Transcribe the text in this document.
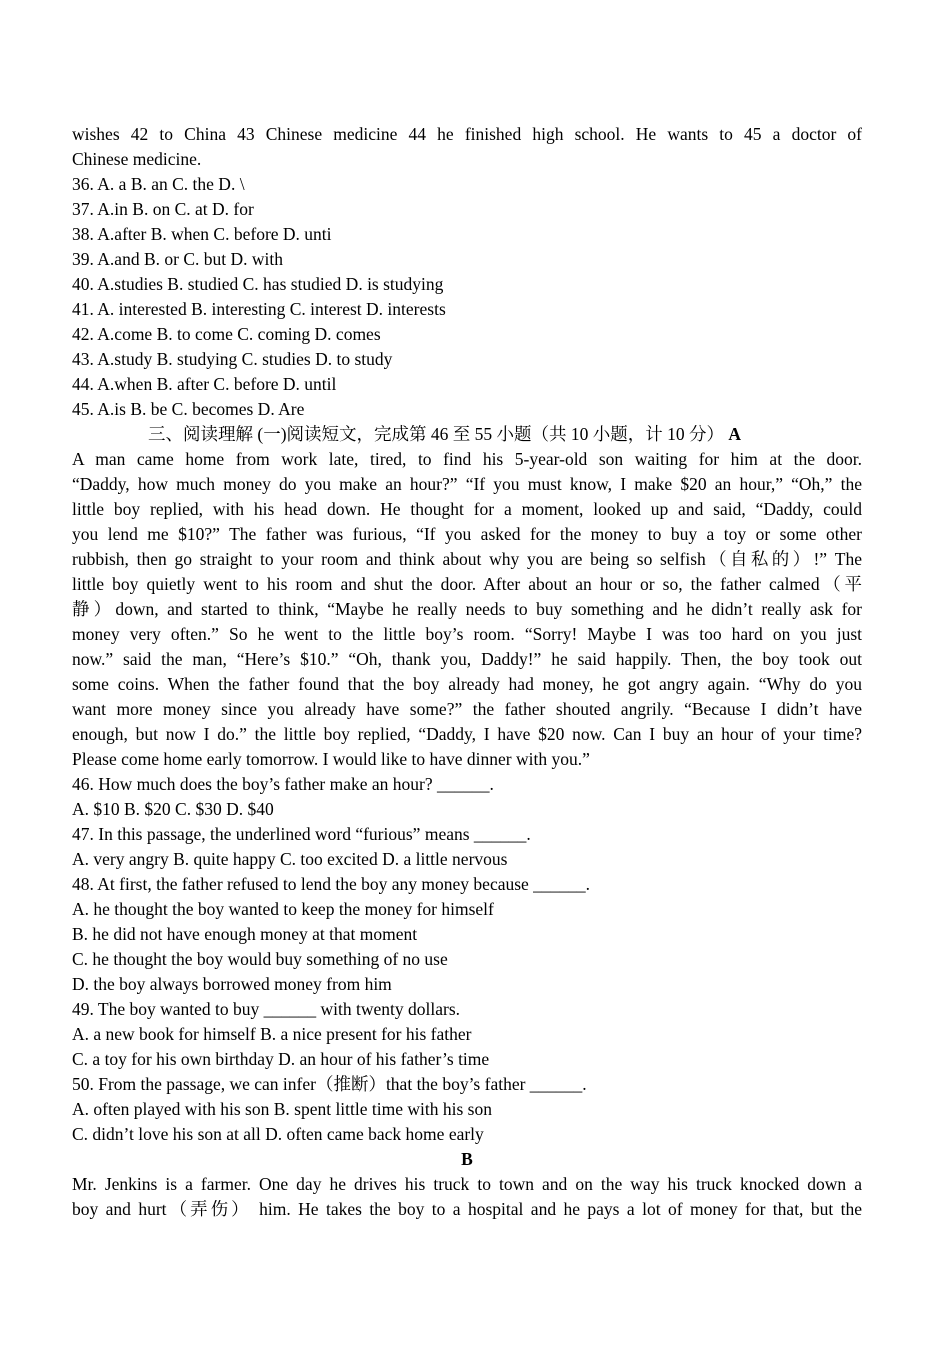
wishes 42 to China 43 Chinese medicine 44 he finished high school. He wants to 45 a doctor of
Chinese medicine.
36. A. a B. an C. the D. \
37. A.in B. on C. at D. for
38. A.after B. when C. before D. unti
39. A.and B. or C. but D. with
40. A.studies B. studied C. has studied D. is studying
41. A. interested B. interesting C. interest D. interests
42. A.come B. to come C. coming D. comes
43. A.study B. studying C. studies D. to study
44. A.when B. after C. before D. until
45. A.is B. be C. becomes D. Are
三、阅读理解 (一)阅读短文，完成第 46 至 55 小题（共 10 小题，计 10 分） A
A man came home from work late, tired, to find his 5-year-old son waiting for him at the door.
“Daddy, how much money do you make an hour?” “If you must know, I make $20 an hour,” “Oh,” the
little boy replied, with his head down. He thought for a moment, looked up and said, “Daddy, could
you lend me $10?” The father was furious, “If you asked for the money to buy a toy or some other
rubbish, then go straight to your room and think about why you are being so selfish（自私的）!” The
little boy quietly went to his room and shut the door. After about an hour or so, the father calmed（平
静）down, and started to think, “Maybe he really needs to buy something and he didn’t really ask for
money very often.” So he went to the little boy’s room. “Sorry! Maybe I was too hard on you just
now.” said the man, “Here’s $10.” “Oh, thank you, Daddy!” he said happily. Then, the boy took out
some coins. When the father found that the boy already had money, he got angry again. “Why do you
want more money since you already have some?” the father shouted angrily. “Because I didn’t have
enough, but now I do.” the little boy replied, “Daddy, I have $20 now. Can I buy an hour of your time?
Please come home early tomorrow. I would like to have dinner with you.”
46. How much does the boy’s father make an hour? ______.
A. $10 B. $20 C. $30 D. $40
47. In this passage, the underlined word “furious” means ______.
A. very angry B. quite happy C. too excited D. a little nervous
48. At first, the father refused to lend the boy any money because ______.
A. he thought the boy wanted to keep the money for himself
B. he did not have enough money at that moment
C. he thought the boy would buy something of no use
D. the boy always borrowed money from him
49. The boy wanted to buy ______ with twenty dollars.
A. a new book for himself B. a nice present for his father
C. a toy for his own birthday D. an hour of his father’s time
50. From the passage, we can infer（推断）that the boy’s father ______.
A. often played with his son B. spent little time with his son
C. didn’t love his son at all D. often came back home early
B
Mr. Jenkins is a farmer. One day he drives his truck to town and on the way his truck knocked down a
boy and hurt（弄伤） him. He takes the boy to a hospital and he pays a lot of money for that, but the
